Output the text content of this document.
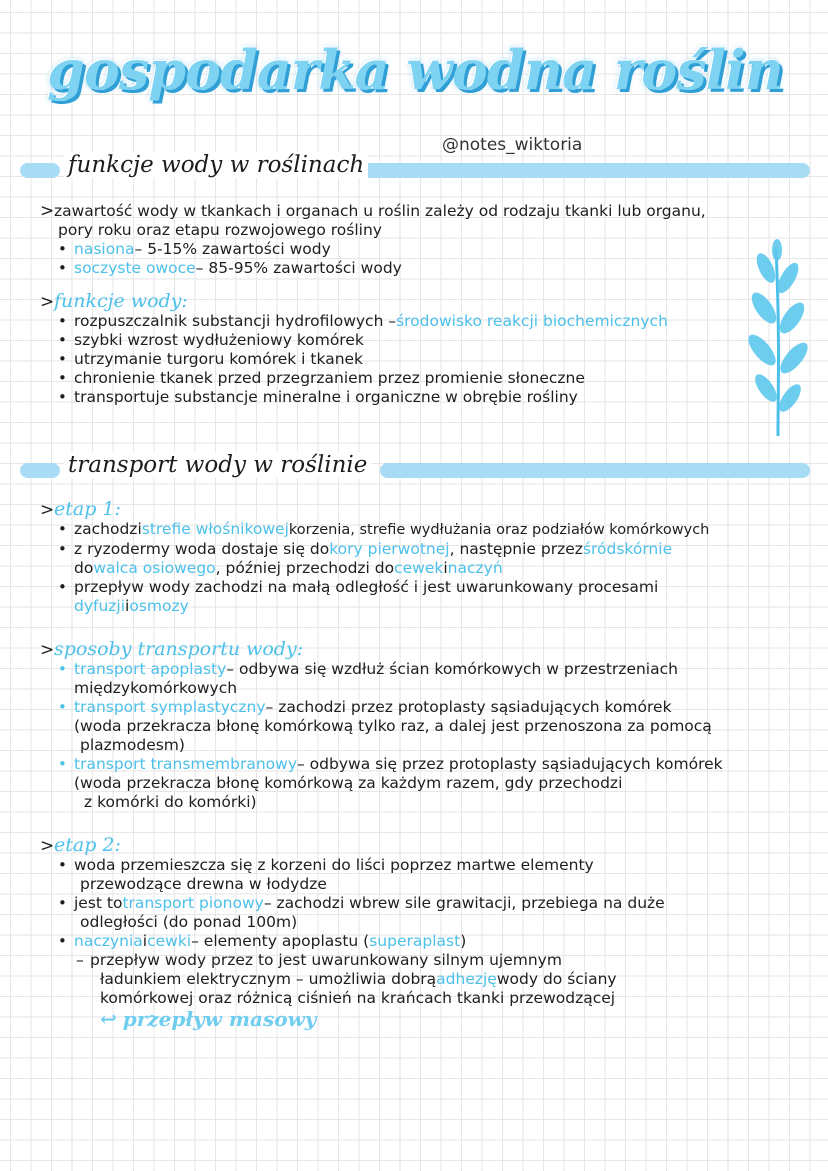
gospodarka wodna roślin
@notes_wiktoria
funkcje wody w roślinach
> zawartość wody w tkankach i organach u roślin zależy od rodzaju tkanki lub organu,
pory roku oraz etapu rozwojowego rośliny
• nasiona – 5-15% zawartości wody
• soczyste owoce – 85-95% zawartości wody
> funkcje wody:
• rozpuszczalnik substancji hydrofilowych – środowisko reakcji biochemicznych
• szybki wzrost wydłużeniowy komórek
• utrzymanie turgoru komórek i tkanek
• chronienie tkanek przed przegrzaniem przez promienie słoneczne
• transportuje substancje mineralne i organiczne w obrębie rośliny
transport wody w roślinie
> etap 1:
• zachodzi strefie włośnikowej korzenia, strefie wydłużania oraz podziałów komórkowych
• z ryzodermy woda dostaje się do kory pierwotnej , następnie przez śródskórnie
do walca osiowego , później przechodzi do cewek i naczyń
• przepływ wody zachodzi na małą odległość i jest uwarunkowany procesami
dyfuzji i osmozy
> sposoby transportu wody:
• transport apoplasty – odbywa się wzdłuż ścian komórkowych w przestrzeniach
międzykomórkowych
• transport symplastyczny – zachodzi przez protoplasty sąsiadujących komórek
(woda przekracza błonę komórkową tylko raz, a dalej jest przenoszona za pomocą
plazmodesm)
• transport transmembranowy – odbywa się przez protoplasty sąsiadujących komórek
(woda przekracza błonę komórkową za każdym razem, gdy przechodzi
z komórki do komórki)
> etap 2:
• woda przemieszcza się z korzeni do liści poprzez martwe elementy
przewodzące drewna w łodydze
• jest to transport pionowy – zachodzi wbrew sile grawitacji, przebiega na duże
odległości (do ponad 100m)
• naczynia i cewki – elementy apoplastu ( superaplast )
– przepływ wody przez to jest uwarunkowany silnym ujemnym
ładunkiem elektrycznym – umożliwia dobrą adhezję wody do ściany
komórkowej oraz różnicą ciśnień na krańcach tkanki przewodzącej
↩ przepływ masowy
